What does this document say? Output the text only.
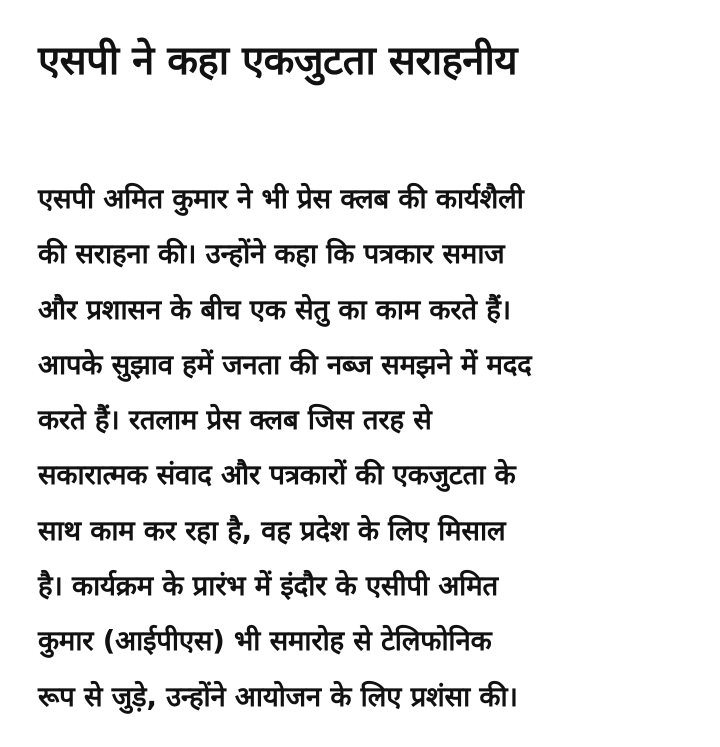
एसपी ने कहा एकजुटता सराहनीय
एसपी अमित कुमार ने भी प्रेस क्लब की कार्यशैली
की सराहना की। उन्होंने कहा कि पत्रकार समाज
और प्रशासन के बीच एक सेतु का काम करते हैं।
आपके सुझाव हमें जनता की नब्ज समझने में मदद
करते हैं। रतलाम प्रेस क्लब जिस तरह से
सकारात्मक संवाद और पत्रकारों की एकजुटता के
साथ काम कर रहा है, वह प्रदेश के लिए मिसाल
है। कार्यक्रम के प्रारंभ में इंदौर के एसीपी अमित
कुमार (आईपीएस) भी समारोह से टेलिफोनिक
रूप से जुड़े, उन्होंने आयोजन के लिए प्रशंसा की।
